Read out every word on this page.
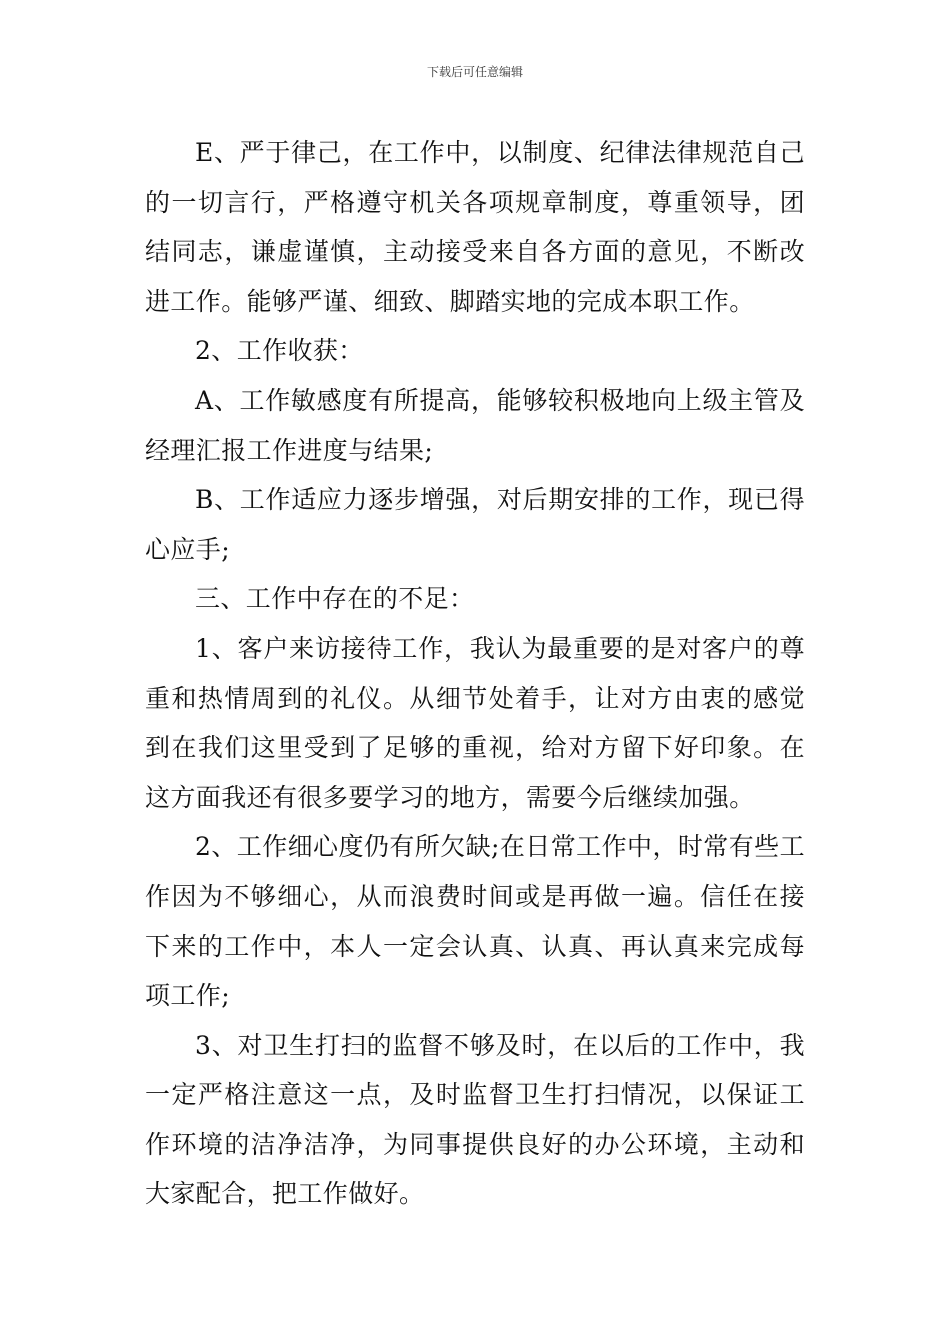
下载后可任意编辑

E、严于律己，在工作中，以制度、纪律法律规范自己的一切言行，严格遵守机关各项规章制度，尊重领导，团结同志，谦虚谨慎，主动接受来自各方面的意见，不断改进工作。能够严谨、细致、脚踏实地的完成本职工作。

2、工作收获：

A、工作敏感度有所提高，能够较积极地向上级主管及经理汇报工作进度与结果;

B、工作适应力逐步增强，对后期安排的工作，现已得心应手;

三、工作中存在的不足：

1、客户来访接待工作，我认为最重要的是对客户的尊重和热情周到的礼仪。从细节处着手，让对方由衷的感觉到在我们这里受到了足够的重视，给对方留下好印象。在这方面我还有很多要学习的地方，需要今后继续加强。

2、工作细心度仍有所欠缺;在日常工作中，时常有些工作因为不够细心，从而浪费时间或是再做一遍。信任在接下来的工作中，本人一定会认真、认真、再认真来完成每项工作;

3、对卫生打扫的监督不够及时，在以后的工作中，我一定严格注意这一点，及时监督卫生打扫情况，以保证工作环境的洁净洁净，为同事提供良好的办公环境，主动和大家配合，把工作做好。
